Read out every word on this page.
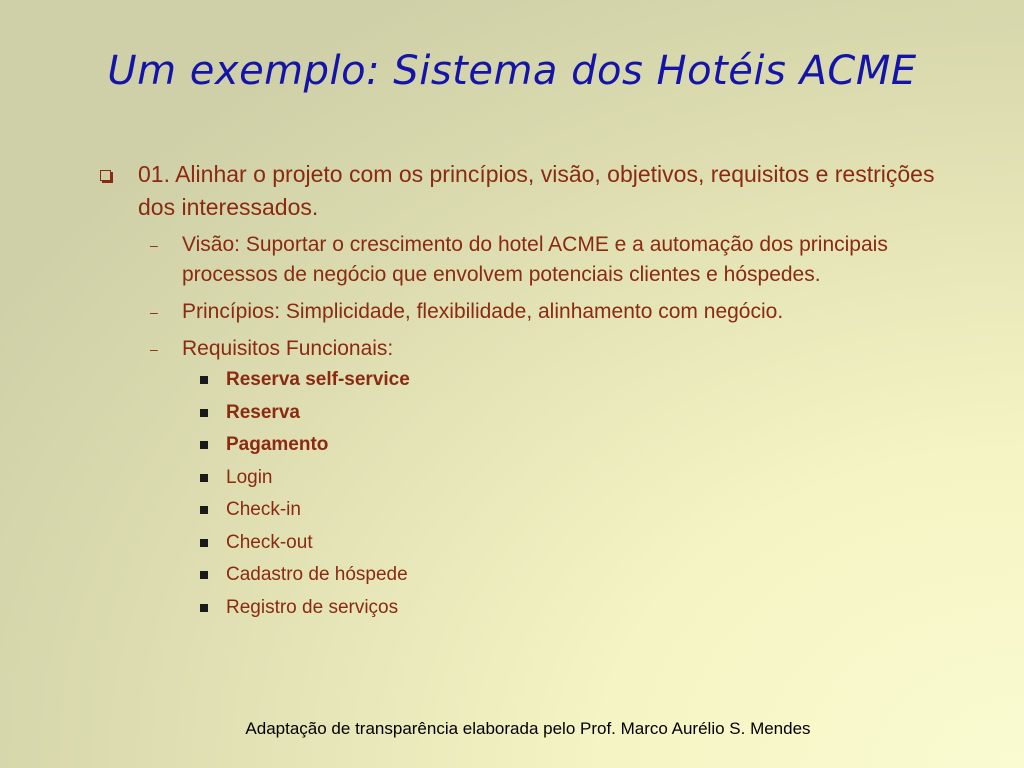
Um exemplo: Sistema dos Hotéis ACME
01. Alinhar o projeto com os princípios, visão, objetivos, requisitos e restrições dos interessados.
– Visão: Suportar o crescimento do hotel ACME e a automação dos principais processos de negócio que envolvem potenciais clientes e hóspedes.
– Princípios: Simplicidade, flexibilidade, alinhamento com negócio.
– Requisitos Funcionais:
Reserva self-service
Reserva
Pagamento
Login
Check-in
Check-out
Cadastro de hóspede
Registro de serviços
Adaptação de transparência elaborada pelo Prof. Marco Aurélio S. Mendes
